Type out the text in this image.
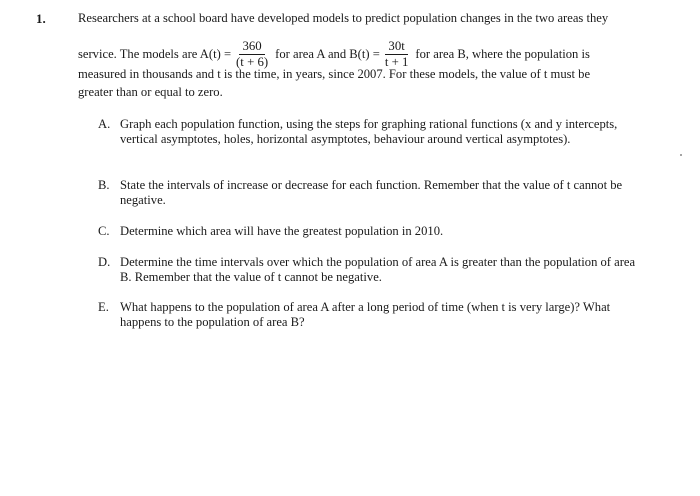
1.	Researchers at a school board have developed models to predict population changes in the two areas they
service. The models are $A(t) = \frac{360}{(t + 6)}$ for area A and $B(t) = \frac{30t}{t + 1}$ for area B, where the population is
measured in thousands and t is the time, in years, since 2007. For these models, the value of t must be
greater than or equal to zero.
A. Graph each population function, using the steps for graphing rational functions (x and y intercepts, vertical asymptotes, holes, horizontal asymptotes, behaviour around vertical asymptotes).
B. State the intervals of increase or decrease for each function. Remember that the value of t cannot be negative.
C. Determine which area will have the greatest population in 2010.
D. Determine the time intervals over which the population of area A is greater than the population of area B. Remember that the value of t cannot be negative.
E. What happens to the population of area A after a long period of time (when t is very large)? What happens to the population of area B?
